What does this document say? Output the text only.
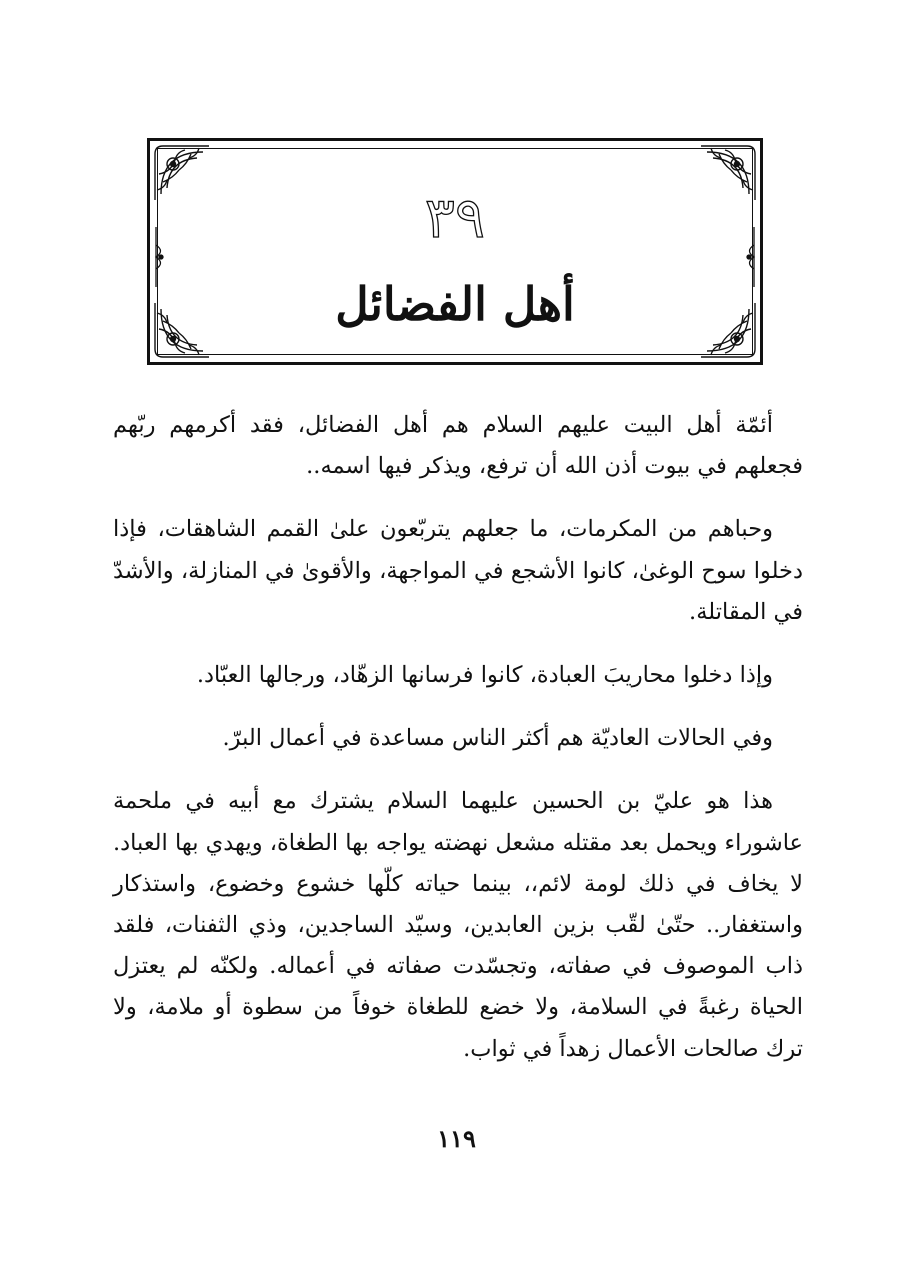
٣٩
أهل الفضائل

أئمّة أهل البيت عليهم السلام هم أهل الفضائل، فقد أكرمهم ربّهم فجعلهم في بيوت أذن الله أن ترفع، ويذكر فيها اسمه..

وحباهم من المكرمات، ما جعلهم يتربّعون علىٰ القمم الشاهقات، فإذا دخلوا سوح الوغىٰ، كانوا الأشجع في المواجهة، والأقوىٰ في المنازلة، والأشدّ في المقاتلة.

وإذا دخلوا محاريبَ العبادة، كانوا فرسانها الزهّاد، ورجالها العبّاد.

وفي الحالات العاديّة هم أكثر الناس مساعدة في أعمال البرّ.

هذا هو عليّ بن الحسين عليهما السلام يشترك مع أبيه في ملحمة عاشوراء ويحمل بعد مقتله مشعل نهضته يواجه بها الطغاة، ويهدي بها العباد. لا يخاف في ذلك لومة لائم،، بينما حياته كلّها خشوع وخضوع، واستذكار واستغفار.. حتّىٰ لقّب بزين العابدين، وسيّد الساجدين، وذي الثفنات، فلقد ذاب الموصوف في صفاته، وتجسّدت صفاته في أعماله. ولكنّه لم يعتزل الحياة رغبةً في السلامة، ولا خضع للطغاة خوفاً من سطوة أو ملامة، ولا ترك صالحات الأعمال زهداً في ثواب.

١١٩
